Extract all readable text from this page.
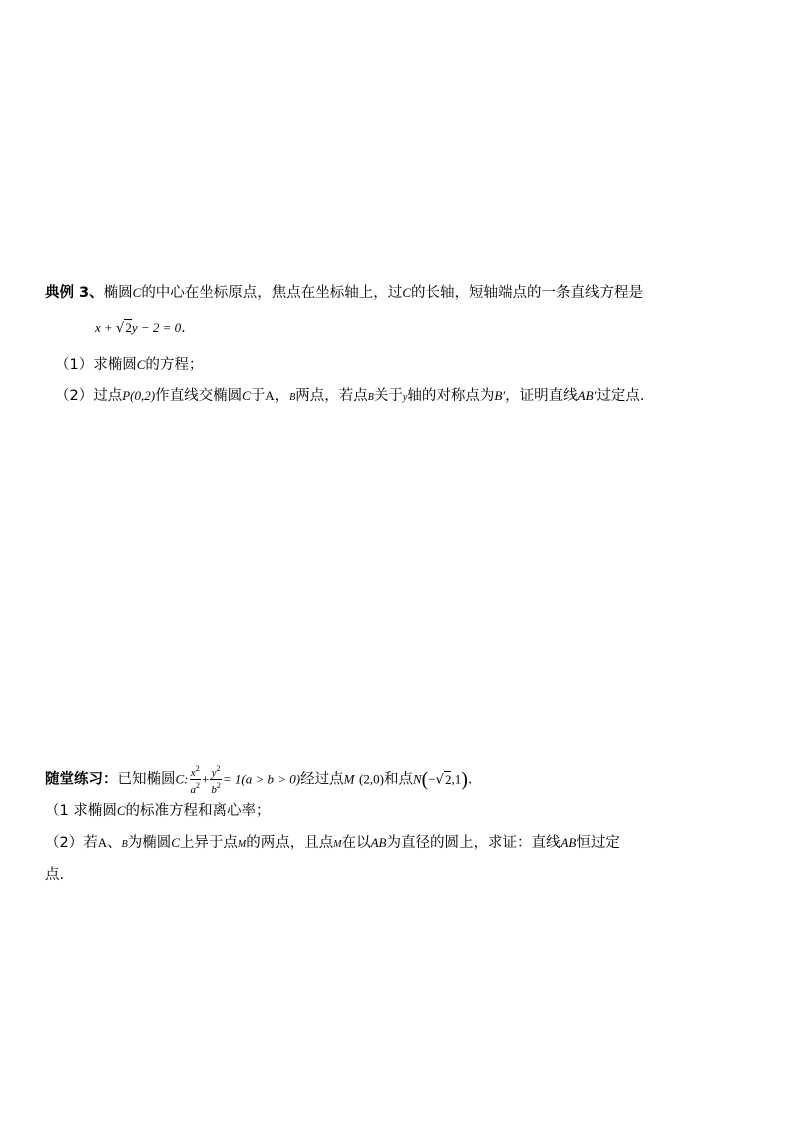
典例 3、椭圆C的中心在坐标原点，焦点在坐标轴上，过C的长轴，短轴端点的一条直线方程是
x + √2y − 2 = 0.
（1）求椭圆C的方程；
（2）过点P(0,2)作直线交椭圆C于A，B两点，若点B关于y轴的对称点为B′，证明直线AB′过定点.
随堂练习：已知椭圆C: $\frac{x^2}{a^2} + \frac{y^2}{b^2} = 1(a > b > 0)$经过点M (2,0)和点N(−√2,1).
（1 求椭圆C的标准方程和离心率；
（2）若A、B为椭圆C上异于点M的两点，且点M在以AB为直径的圆上，求证：直线AB恒过定
点.
